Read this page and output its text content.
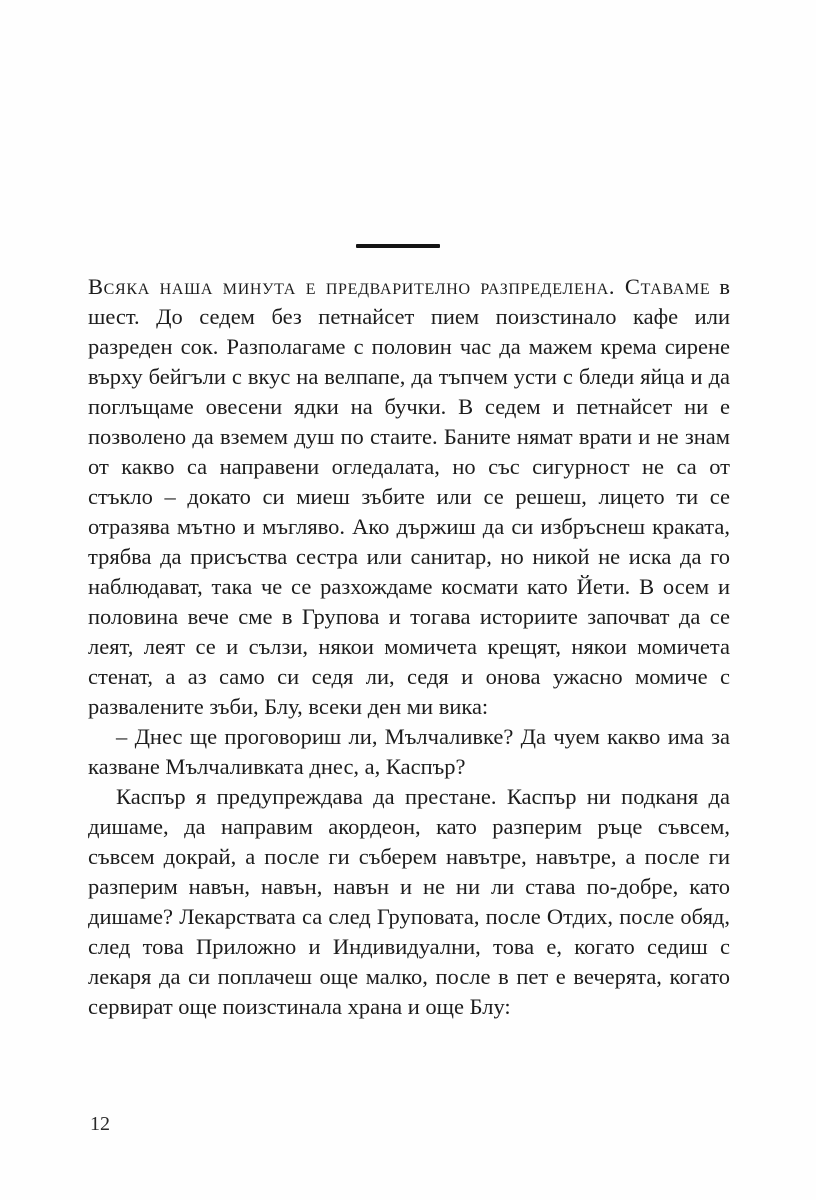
Всяка наша минута е предварително разпределена. Ставаме в шест. До седем без петнайсет пием поизстинало кафе или разреден сок. Разполагаме с половин час да мажем крема сирене върху бейгъли с вкус на велпапе, да тъпчем усти с бледи яйца и да поглъщаме овесени ядки на бучки. В седем и петнайсет ни е позволено да вземем душ по стаите. Баните нямат врати и не знам от какво са направени огледалата, но със сигурност не са от стъкло – докато си миеш зъбите или се решеш, лицето ти се отразява мътно и мъгляво. Ако държиш да си избръснеш краката, трябва да присъства сестра или санитар, но никой не иска да го наблюдават, така че се разхождаме космати като Йети. В осем и половина вече сме в Групова и тогава историите започват да се леят, леят се и сълзи, някои момичета крещят, някои момичета стенат, а аз само си седя ли, седя и онова ужасно момиче с развалените зъби, Блу, всеки ден ми вика:

– Днес ще проговориш ли, Мълчаливке? Да чуем какво има за казване Мълчаливката днес, а, Каспър?

Каспър я предупреждава да престане. Каспър ни подканя да дишаме, да направим акордеон, като разперим ръце съвсем, съвсем докрай, а после ги съберем навътре, навътре, а после ги разперим навън, навън, навън и не ни ли става по-добре, като дишаме? Лекарствата са след Груповата, после Отдих, после обяд, след това Приложно и Индивидуални, това е, когато седиш с лекаря да си поплачеш още малко, после в пет е вечерята, когато сервират още поизстинала храна и още Блу:

12
